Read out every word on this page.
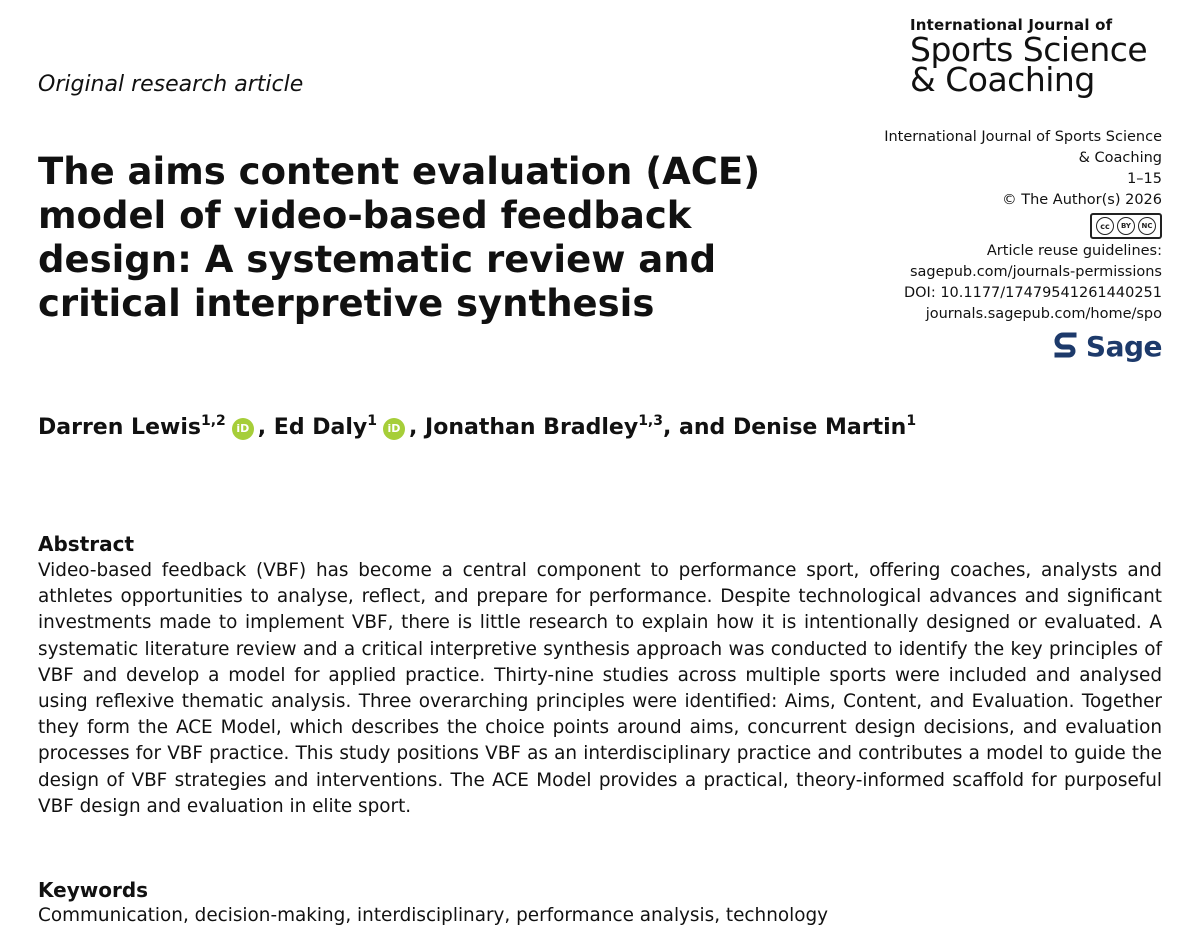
Original research article
International Journal of
Sports Science
& Coaching
International Journal of Sports Science
& Coaching
1–15
© The Author(s) 2026
cc	BY	NC
Article reuse guidelines:
sagepub.com/journals-permissions
DOI: 10.1177/17479541261440251
journals.sagepub.com/home/spo
Sage
The aims content evaluation (ACE) model of video-based feedback design: A systematic review and critical interpretive synthesis
Darren Lewis$^{1,2}$ iD , Ed Daly$^1$ iD , Jonathan Bradley$^{1,3}$, and Denise Martin$^1$
Abstract

Video-based feedback (VBF) has become a central component to performance sport, offering coaches, analysts and athletes opportunities to analyse, reflect, and prepare for performance. Despite technological advances and significant investments made to implement VBF, there is little research to explain how it is intentionally designed or evaluated. A systematic literature review and a critical interpretive synthesis approach was conducted to identify the key principles of VBF and develop a model for applied practice. Thirty-nine studies across multiple sports were included and analysed using reflexive thematic analysis. Three overarching principles were identified: Aims, Content, and Evaluation. Together they form the ACE Model, which describes the choice points around aims, concurrent design decisions, and evaluation processes for VBF practice. This study positions VBF as an interdisciplinary practice and contributes a model to guide the design of VBF strategies and interventions. The ACE Model provides a practical, theory-informed scaffold for purposeful VBF design and evaluation in elite sport.

Keywords

Communication, decision-making, interdisciplinary, performance analysis, technology
